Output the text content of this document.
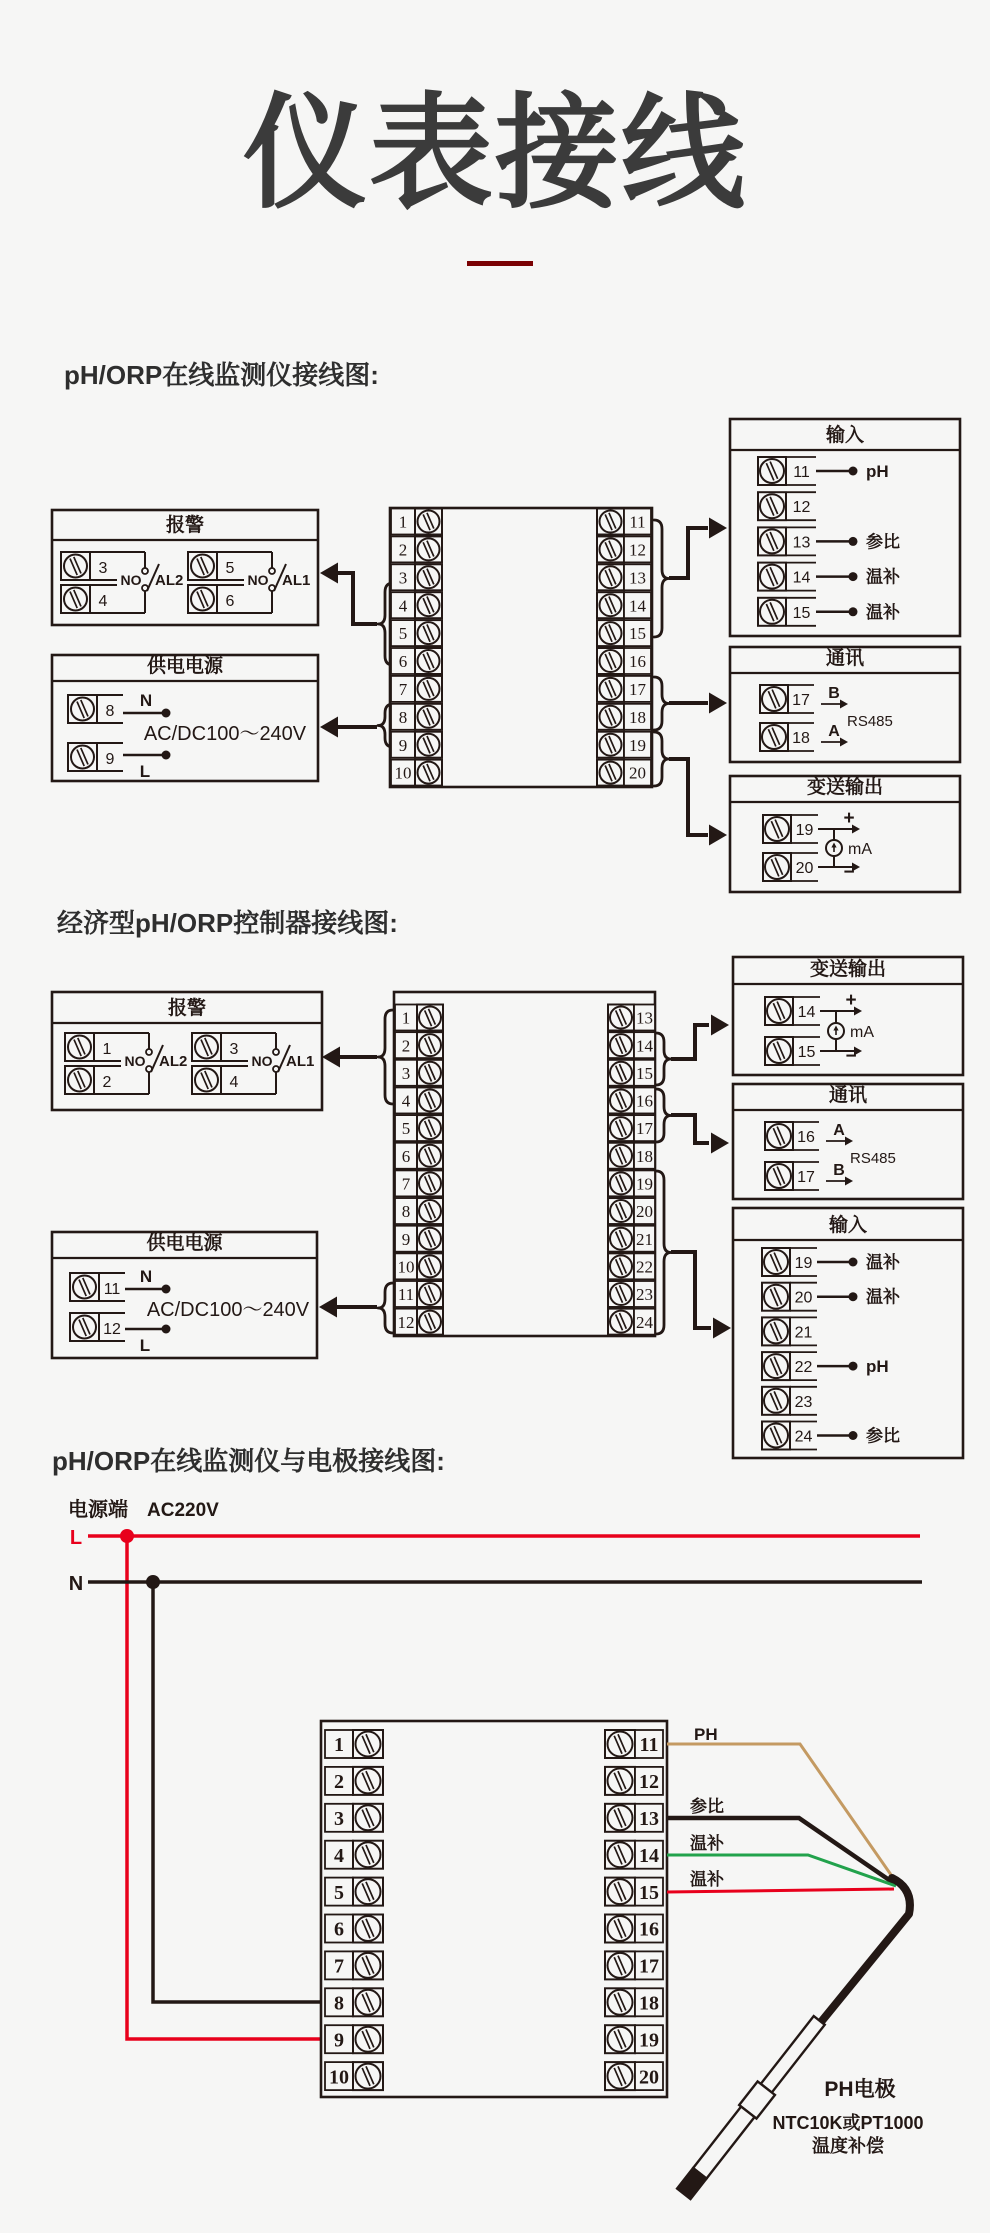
仪表接线
pH/ORP在线监测仪接线图:
经济型pH/ORP控制器接线图:
pH/ORP在线监测仪与电极接线图:
报警
3
4
NO AL2
5
6
NO AL1
供电电源
8
N
9
L
AC/DC100～240V
1
2
3
4
5
6
7
8
9
10
11
12
13
14
15
16
17
18
19
20
输入
11	pH
12
13	参比
14	温补
15	温补
通讯
17 B
18 A
RS485
变送输出
19
20
+
−
mA
报警
1
2
NO AL2
3
4
NO AL1
供电电源
11
N
12
L
AC/DC100～240V
1
2
3
4
5
6
7
8
9
10
11
12
13
14
15
16
17
18
19
20
21
22
23
24
变送输出
14
15
+
−
mA
通讯
16 A
17 B
RS485
输入
19	温补
20	温补
21
22	pH
23
24	参比
电源端 AC220V
L
N
1
2
3
4
5
6
7
8
9
10
11
12
13
14
15
16
17
18
19
20
PH
参比
温补
温补
PH电极
NTC10K或PT1000
温度补偿
